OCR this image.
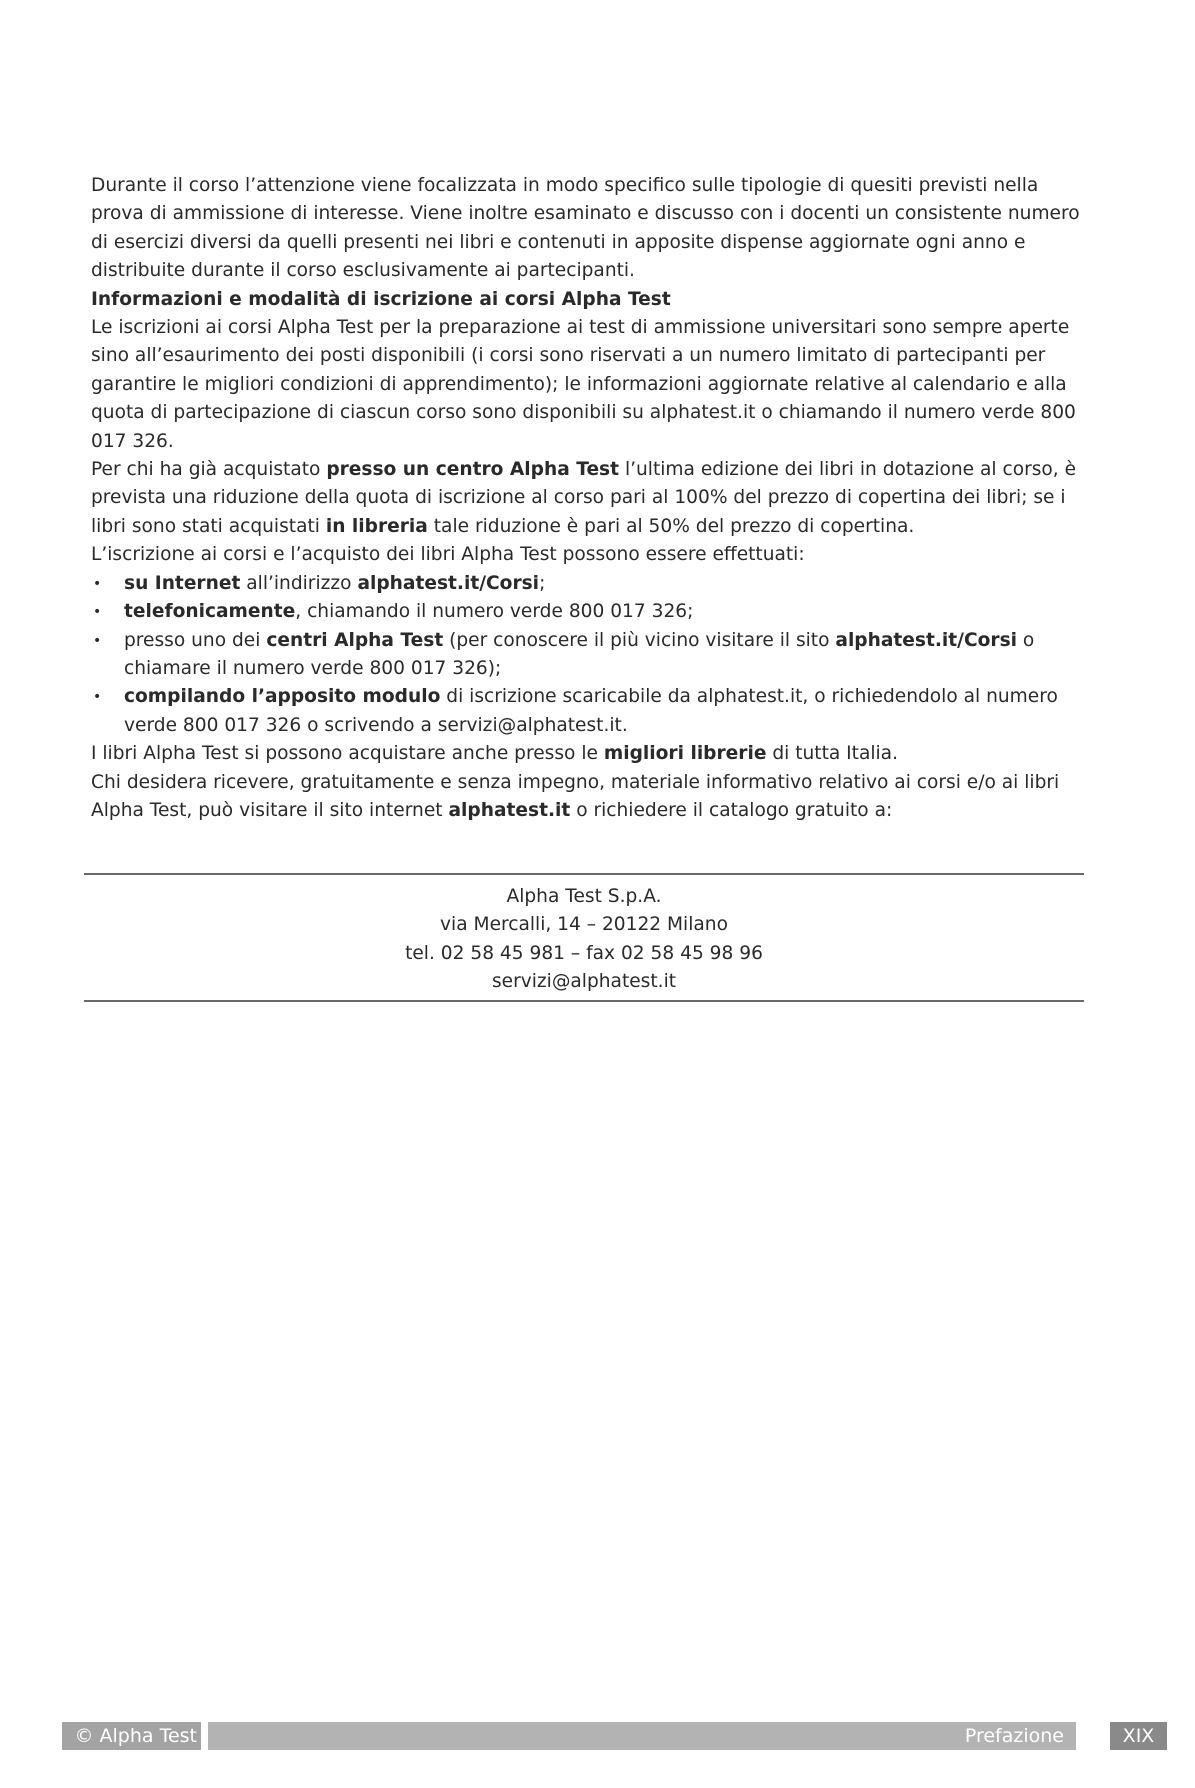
Durante il corso l’attenzione viene focalizzata in modo specifico sulle tipologie di quesiti previsti nella prova di ammissione di interesse. Viene inoltre esaminato e discusso con i docenti un consistente numero di esercizi diversi da quelli presenti nei libri e contenuti in apposite dispense aggiornate ogni anno e distribuite durante il corso esclusivamente ai partecipanti.

Informazioni e modalità di iscrizione ai corsi Alpha Test

Le iscrizioni ai corsi Alpha Test per la preparazione ai test di ammissione universitari sono sempre aperte sino all’esaurimento dei posti disponibili (i corsi sono riservati a un numero limitato di partecipanti per garantire le migliori condizioni di apprendimento); le informazioni aggiornate relative al calendario e alla quota di partecipazione di ciascun corso sono disponibili su alphatest.it o chiamando il numero verde 800 017 326.

Per chi ha già acquistato presso un centro Alpha Test l’ultima edizione dei libri in dotazione al corso, è prevista una riduzione della quota di iscrizione al corso pari al 100% del prezzo di copertina dei libri; se i libri sono stati acquistati in libreria tale riduzione è pari al 50% del prezzo di copertina.

L’iscrizione ai corsi e l’acquisto dei libri Alpha Test possono essere effettuati:

• su Internet all’indirizzo alphatest.it/Corsi;
• telefonicamente, chiamando il numero verde 800 017 326;
• presso uno dei centri Alpha Test (per conoscere il più vicino visitare il sito alphatest.it/Corsi o chiamare il numero verde 800 017 326);
• compilando l’apposito modulo di iscrizione scaricabile da alphatest.it, o richiedendolo al numero verde 800 017 326 o scrivendo a servizi@alphatest.it.

I libri Alpha Test si possono acquistare anche presso le migliori librerie di tutta Italia.

Chi desidera ricevere, gratuitamente e senza impegno, materiale informativo relativo ai corsi e/o ai libri Alpha Test, può visitare il sito internet alphatest.it o richiedere il catalogo gratuito a:

Alpha Test S.p.A.
via Mercalli, 14 – 20122 Milano
tel. 02 58 45 981 – fax 02 58 45 98 96
servizi@alphatest.it
© Alpha Test	Prefazione	XIX
